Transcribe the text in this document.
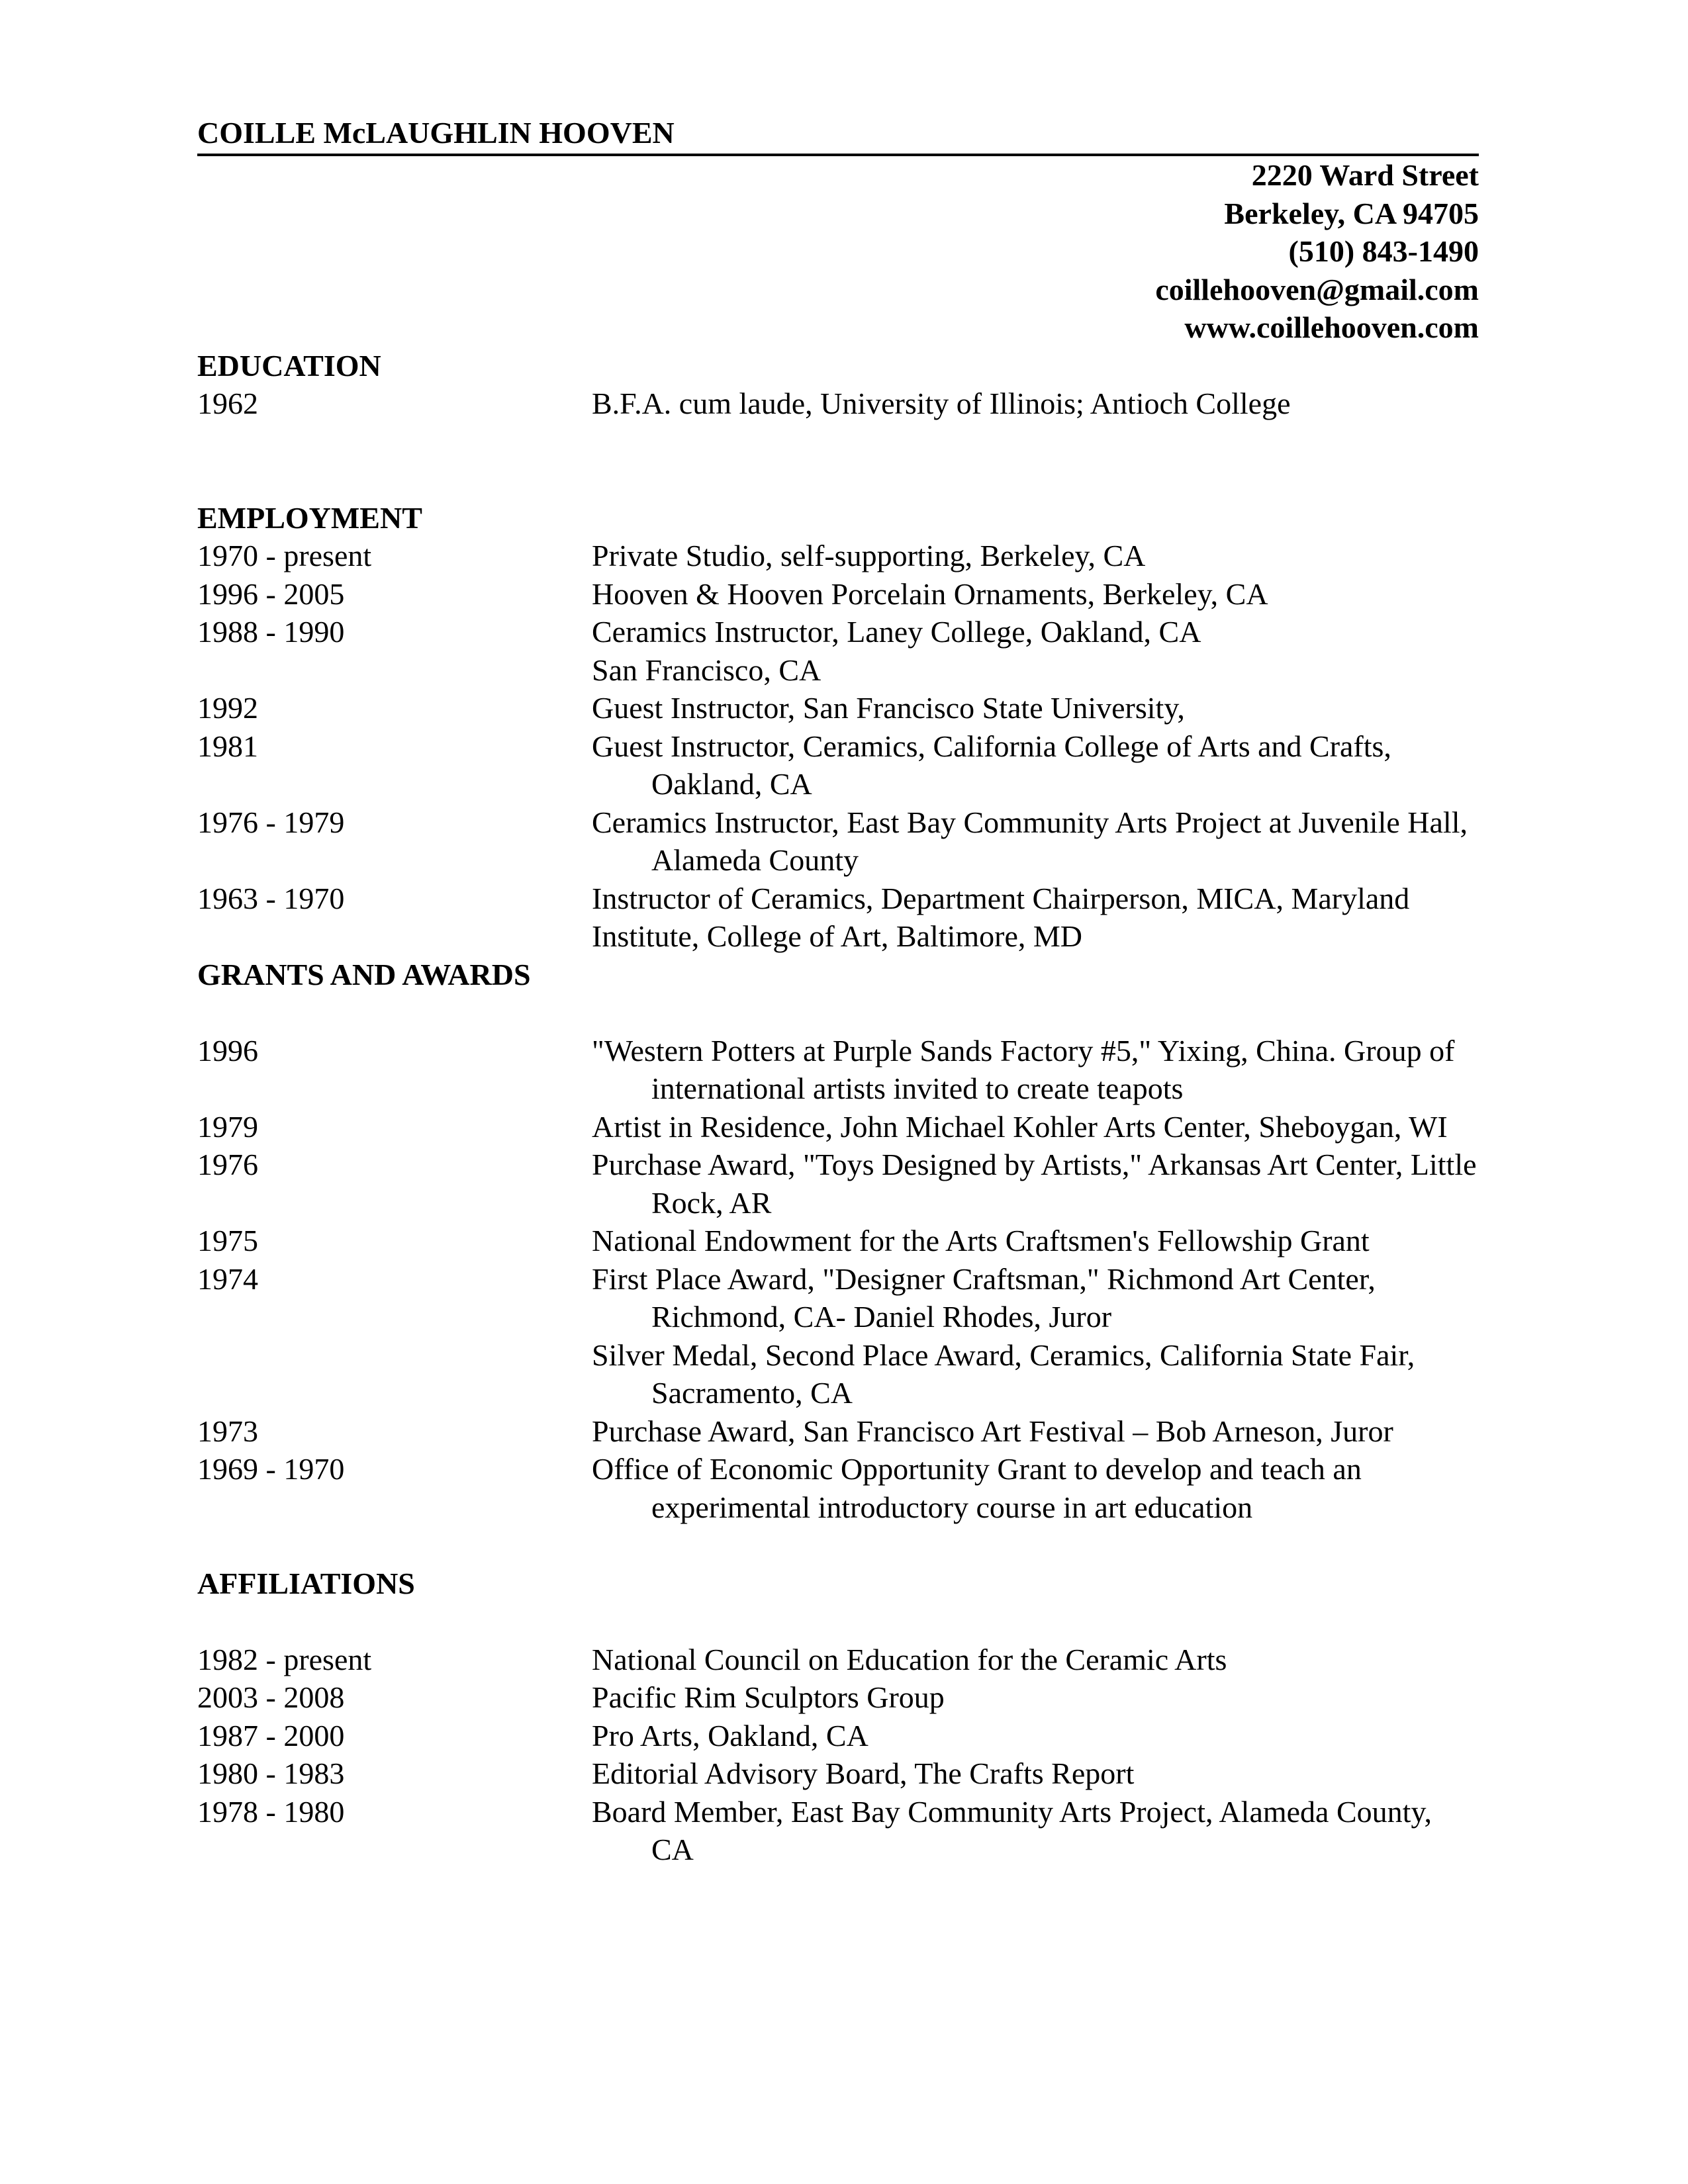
COILLE McLAUGHLIN HOOVEN
2220 Ward Street
Berkeley, CA 94705
(510) 843-1490
coillehooven@gmail.com
www.coillehooven.com
EDUCATION
1962	B.F.A. cum laude, University of Illinois; Antioch College
EMPLOYMENT
1970 - present	Private Studio, self-supporting, Berkeley, CA
1996 - 2005	Hooven & Hooven Porcelain Ornaments, Berkeley, CA
1988 - 1990	Ceramics Instructor, Laney College, Oakland, CA
San Francisco, CA
1992	Guest Instructor, San Francisco State University,
1981	Guest Instructor, Ceramics, California College of Arts and Crafts, Oakland, CA
1976 - 1979	Ceramics Instructor, East Bay Community Arts Project at Juvenile Hall, Alameda County
1963 - 1970	Instructor of Ceramics, Department Chairperson, MICA, Maryland
Institute, College of Art, Baltimore, MD
GRANTS AND AWARDS
1996	"Western Potters at Purple Sands Factory #5," Yixing, China. Group of international artists invited to create teapots
1979	Artist in Residence, John Michael Kohler Arts Center, Sheboygan, WI
1976	Purchase Award, "Toys Designed by Artists," Arkansas Art Center, Little Rock, AR
1975	National Endowment for the Arts Craftsmen's Fellowship Grant
1974	First Place Award, "Designer Craftsman," Richmond Art Center, Richmond, CA- Daniel Rhodes, Juror
Silver Medal, Second Place Award, Ceramics, California State Fair, Sacramento, CA
1973	Purchase Award, San Francisco Art Festival – Bob Arneson, Juror
1969 - 1970	Office of Economic Opportunity Grant to develop and teach an experimental introductory course in art education
AFFILIATIONS
1982 - present	National Council on Education for the Ceramic Arts
2003 - 2008	Pacific Rim Sculptors Group
1987 - 2000	Pro Arts, Oakland, CA
1980 - 1983	Editorial Advisory Board, The Crafts Report
1978 - 1980	Board Member, East Bay Community Arts Project, Alameda County, CA
